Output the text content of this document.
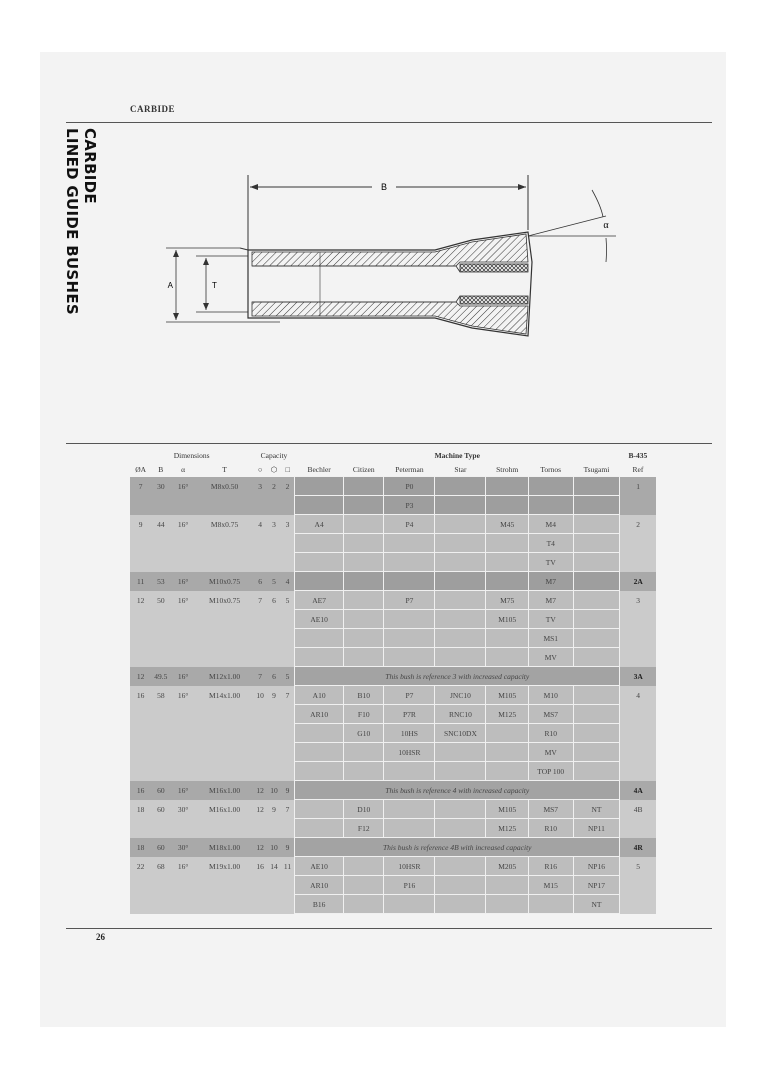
CARBIDE
CARBIDE
LINED GUIDE BUSHES	B
α
A	T
Dimensions				Capacity			Machine Type							B-435
ØA	B	α	T	○	⬡	□	Bechler	Citizen	Peterman	Star	Strohm	Tornos	Tsugami	Ref
7	30	16°	M8x0.50	3	2	2			P0					1
									P3					
9	44	16°	M8x0.75	4	3	3	A4		P4		M45	M4		2
												T4		
												TV		
11	53	16°	M10x0.75	6	5	4						M7		2A
12	50	16°	M10x0.75	7	6	5	AE7		P7		M75	M7		3
							AE10				M105	TV		
												MS1		
												MV		
12	49.5	16°	M12x1.00	7	6	5	This bush is reference 3 with increased capacity							3A
16	58	16°	M14x1.00	10	9	7	A10	B10	P7	JNC10	M105	M10		4
							AR10	F10	P7R	RNC10	M125	MS7		
								G10	10HS	SNC10DX		R10		
									10HSR			MV		
												TOP 100		
16	60	16°	M16x1.00	12	10	9	This bush is reference 4 with increased capacity							4A
18	60	30°	M16x1.00	12	9	7		D10			M105	MS7	NT	4B
								F12			M125	R10	NP11	
18	60	30°	M18x1.00	12	10	9	This bush is reference 4B with increased capacity							4R
22	68	16°	M19x1.00	16	14	11	AE10		10HSR		M205	R16	NP16	5
							AR10		P16			M15	NP17	
							B16						NT	
26
